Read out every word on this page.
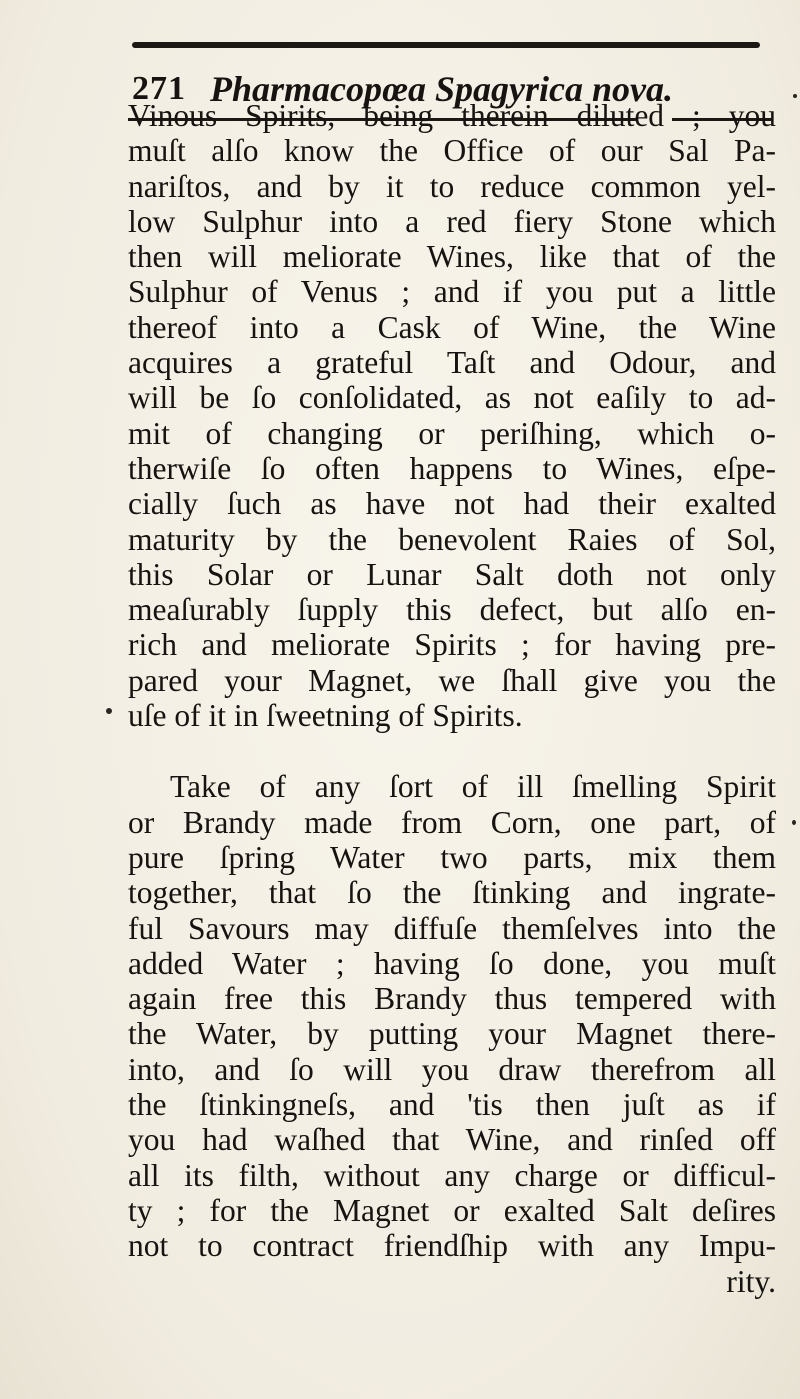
271 Pharmacopœa Spagyrica nova.
Vinous Spirits, being therein diluted ; you
muſt alſo know the Office of our Sal Pa-
nariſtos, and by it to reduce common yel-
low Sulphur into a red fiery Stone which
then will meliorate Wines, like that of the
Sulphur of Venus ; and if you put a little
thereof into a Cask of Wine, the Wine
acquires a grateful Taſt and Odour, and
will be ſo conſolidated, as not eaſily to ad-
mit of changing or periſhing, which o-
therwiſe ſo often happens to Wines, eſpe-
cially ſuch as have not had their exalted
maturity by the benevolent Raies of Sol,
this Solar or Lunar Salt doth not only
meaſurably ſupply this defect, but alſo en-
rich and meliorate Spirits ; for having pre-
pared your Magnet, we ſhall give you the
uſe of it in ſweetning of Spirits.
Take of any ſort of ill ſmelling Spirit
or Brandy made from Corn, one part, of
pure ſpring Water two parts, mix them
together, that ſo the ſtinking and ingrate-
ful Savours may diffuſe themſelves into the
added Water ; having ſo done, you muſt
again free this Brandy thus tempered with
the Water, by putting your Magnet there-
into, and ſo will you draw therefrom all
the ſtinkingneſs, and 'tis then juſt as if
you had waſhed that Wine, and rinſed off
all its filth, without any charge or difficul-
ty ; for the Magnet or exalted Salt deſires
not to contract friendſhip with any Impu-
rity.
